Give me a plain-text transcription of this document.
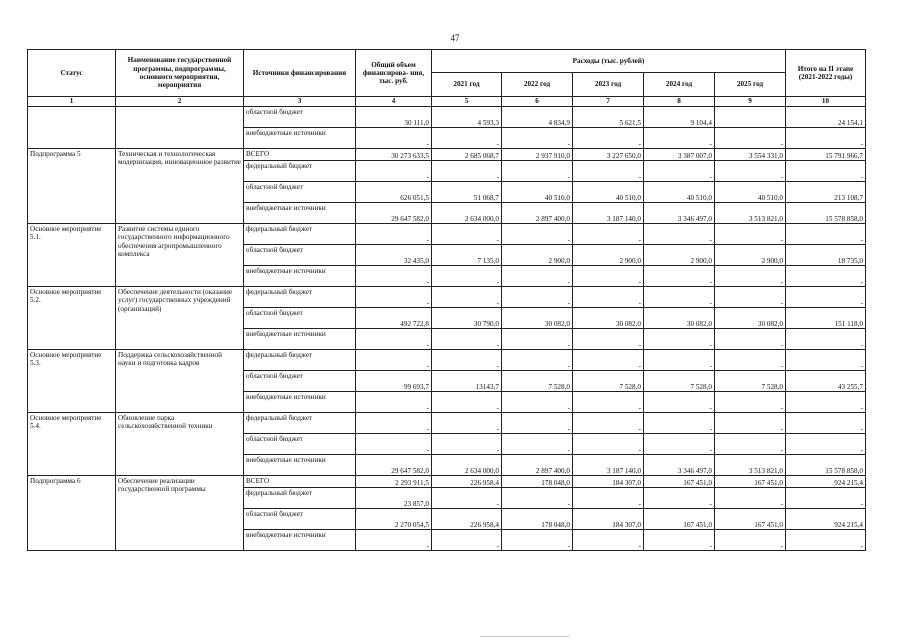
47
Статус	Наименование государственной программы, подпрограммы, основного мероприятия, мероприятия	Источники финансирования	Общий объем финансирова- ния, тыс. руб.	Расходы (тыс. рублей)					Итого на II этапе (2021-2022 годы)
				2021 год	2022 год	2023 год	2024 год	2025 год	
1	2	3	4	5	6	7	8	9	10
		областной бюджет	30 111,0	4 593,3	4 834,9	5 621,5	9 104,4		24 154,1
		внебюджетные источники	-	-	-	-	-	-	-
Подпрограмма 5	Техническая и технологическая модернизация, инновационное развитие	ВСЕГО	30 273 633,5	2 685 068,7	2 937 910,0	3 227 650,0	3 387 007,0	3 554 331,0	15 791 966,7
		федеральный бюджет	-	-	-	-	-	-	-
		областной бюджет	626 051,5	51 068,7	40 510,0	40 510,0	40 510,0	40 510,0	213 108,7
		внебюджетные источники	29 647 582,0	2 634 000,0	2 897 400,0	3 187 140,0	3 346 497,0	3 513 821,0	15 578 858,0
Основное мероприятие 5.1.	Развитие системы единого государственного информационного обеспечения агропромышленного комплекса	федеральный бюджет	-	-	-	-	-	-	-
		областной бюджет	32 435,0	7 135,0	2 900,0	2 900,0	2 900,0	2 900,0	18 735,0
		внебюджетные источники	-	-	-	-	-	-	-
Основное мероприятие 5.2.	Обеспечение деятельности (оказание услуг) государственных учреждений (организаций)	федеральный бюджет	-	-	-	-	-	-	-
		областной бюджет	492 722,8	30 790,0	30 082,0	30 082,0	30 082,0	30 082,0	151 118,0
		внебюджетные источники	-	-	-	-	-	-	-
Основное мероприятие 5.3.	Поддержка сельскохозяйственной науки и подготовка кадров	федеральный бюджет	-	-	-	-	-	-	-
		областной бюджет	99 693,7	13143,7	7 528,0	7 528,0	7 528,0	7 528,0	43 255,7
		внебюджетные источники	-	-	-	-	-	-	-
Основное мероприятие 5.4.	Обновление парка сельскохозяйственной техники	федеральный бюджет	-	-	-	-	-	-	-
		областной бюджет	-	-	-	-	-	-	-
		внебюджетные источники	29 647 582,0	2 634 000,0	2 897 400,0	3 187 140,0	3 346 497,0	3 513 821,0	15 578 858,0
Подпрограмма 6	Обеспечение реализации государственной программы	ВСЕГО	2 293 911,5	226 958,4	178 048,0	184 307,0	167 451,0	167 451,0	924 215,4
		федеральный бюджет	23 857,0	-	-	-	-	-	-
		областной бюджет	2 270 054,5	226 958,4	178 048,0	184 307,0	167 451,0	167 451,0	924 215,4
		внебюджетные источники	-	-	-	-	-	-	-
